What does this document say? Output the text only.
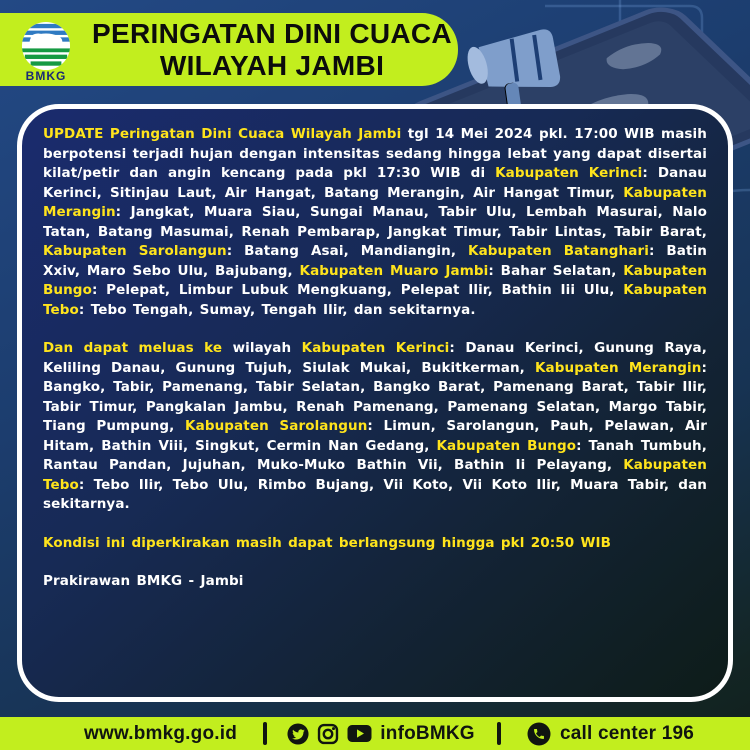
BMKG
PERINGATAN DINI CUACA
WILAYAH JAMBI

UPDATE Peringatan Dini Cuaca Wilayah Jambi tgl 14 Mei 2024 pkl. 17:00 WIB masih berpotensi terjadi hujan dengan intensitas sedang hingga lebat yang dapat disertai kilat/petir dan angin kencang pada pkl 17:30 WIB di Kabupaten Kerinci: Danau Kerinci, Sitinjau Laut, Air Hangat, Batang Merangin, Air Hangat Timur, Kabupaten Merangin: Jangkat, Muara Siau, Sungai Manau, Tabir Ulu, Lembah Masurai, Nalo Tatan, Batang Masumai, Renah Pembarap, Jangkat Timur, Tabir Lintas, Tabir Barat, Kabupaten Sarolangun: Batang Asai, Mandiangin, Kabupaten Batanghari: Batin Xxiv, Maro Sebo Ulu, Bajubang, Kabupaten Muaro Jambi: Bahar Selatan, Kabupaten Bungo: Pelepat, Limbur Lubuk Mengkuang, Pelepat Ilir, Bathin Iii Ulu, Kabupaten Tebo: Tebo Tengah, Sumay, Tengah Ilir, dan sekitarnya.

Dan dapat meluas ke wilayah Kabupaten Kerinci: Danau Kerinci, Gunung Raya, Keliling Danau, Gunung Tujuh, Siulak Mukai, Bukitkerman, Kabupaten Merangin: Bangko, Tabir, Pamenang, Tabir Selatan, Bangko Barat, Pamenang Barat, Tabir Ilir, Tabir Timur, Pangkalan Jambu, Renah Pamenang, Pamenang Selatan, Margo Tabir, Tiang Pumpung, Kabupaten Sarolangun: Limun, Sarolangun, Pauh, Pelawan, Air Hitam, Bathin Viii, Singkut, Cermin Nan Gedang, Kabupaten Bungo: Tanah Tumbuh, Rantau Pandan, Jujuhan, Muko-Muko Bathin Vii, Bathin Ii Pelayang, Kabupaten Tebo: Tebo Ilir, Tebo Ulu, Rimbo Bujang, Vii Koto, Vii Koto Ilir, Muara Tabir, dan sekitarnya.

Kondisi ini diperkirakan masih dapat berlangsung hingga pkl 20:50 WIB

Prakirawan BMKG - Jambi

www.bmkg.go.id	infoBMKG	call center 196
